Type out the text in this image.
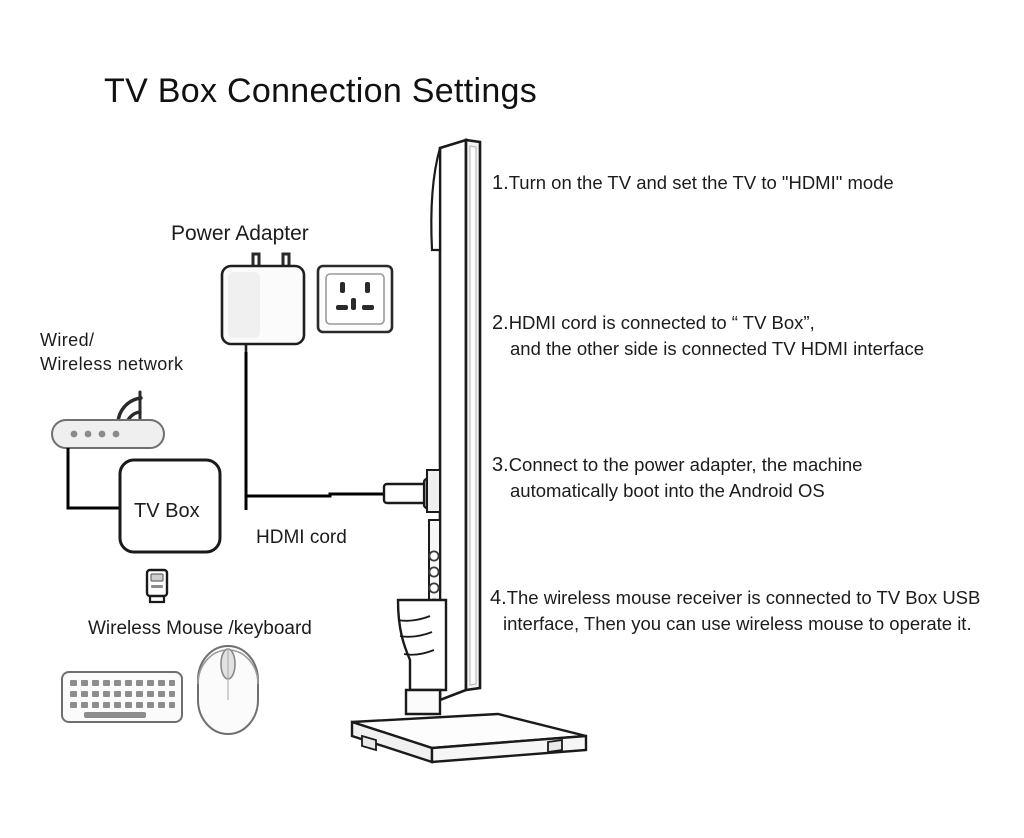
TV Box Connection Settings
Power Adapter
Wired/
Wireless network
TV Box
HDMI cord
Wireless Mouse /keyboard
1.Turn on the TV and set the TV to "HDMI" mode
2.HDMI cord is connected to “ TV Box”,
and the other side is connected TV HDMI interface
3.Connect to the power adapter, the machine
automatically boot into the Android OS
4.The wireless mouse receiver is connected to TV Box USB
interface, Then you can use wireless mouse to operate it.
